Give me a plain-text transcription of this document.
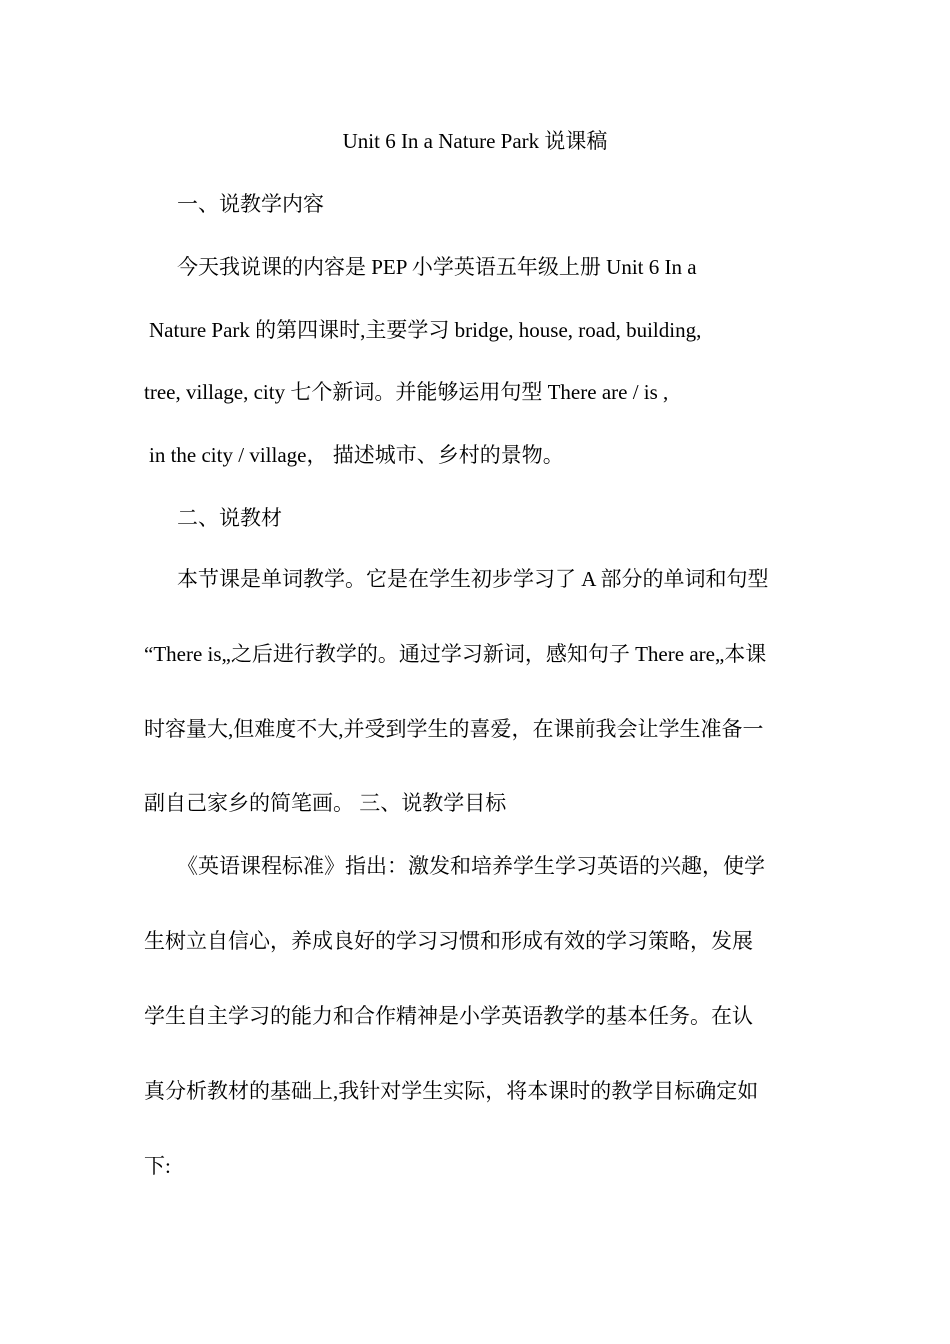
Unit 6 In a Nature Park 说课稿
一、说教学内容
今天我说课的内容是 PEP 小学英语五年级上册 Unit 6 In a
Nature Park 的第四课时,主要学习 bridge, house, road, building,
tree, village, city 七个新词。并能够运用句型 There are / is ,
in the city / village， 描述城市、乡村的景物。
二、说教材
本节课是单词教学。它是在学生初步学习了 A 部分的单词和句型
“There is„之后进行教学的。通过学习新词，感知句子 There are„本课
时容量大,但难度不大,并受到学生的喜爱，在课前我会让学生准备一
副自己家乡的简笔画。 三、说教学目标
《英语课程标准》指出：激发和培养学生学习英语的兴趣，使学
生树立自信心，养成良好的学习习惯和形成有效的学习策略，发展
学生自主学习的能力和合作精神是小学英语教学的基本任务。在认
真分析教材的基础上,我针对学生实际，将本课时的教学目标确定如
下:
